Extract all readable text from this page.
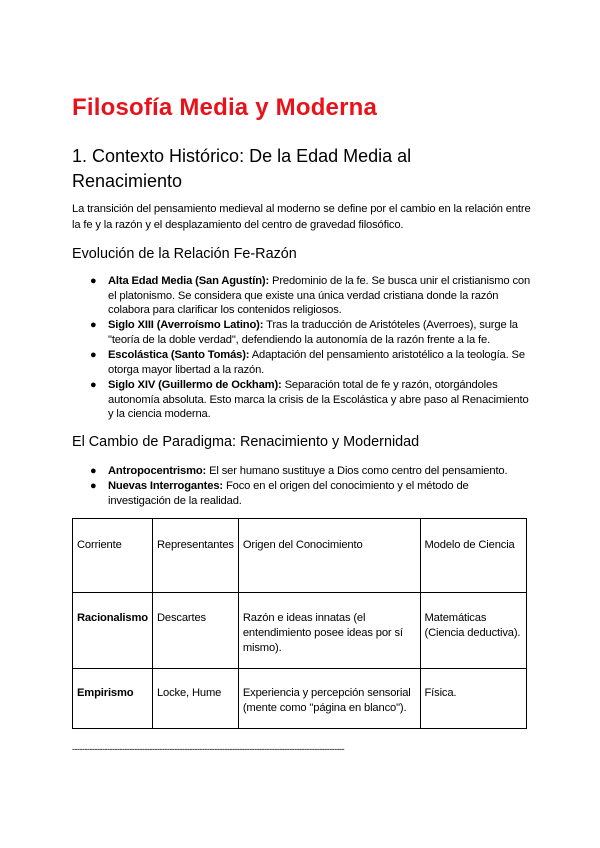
Filosofía Media y Moderna
1. Contexto Histórico: De la Edad Media al Renacimiento

La transición del pensamiento medieval al moderno se define por el cambio en la relación entre la fe y la razón y el desplazamiento del centro de gravedad filosófico.

Evolución de la Relación Fe-Razón
● Alta Edad Media (San Agustín): Predominio de la fe. Se busca unir el cristianismo con el platonismo. Se considera que existe una única verdad cristiana donde la razón colabora para clarificar los contenidos religiosos.
● Siglo XIII (Averroísmo Latino): Tras la traducción de Aristóteles (Averroes), surge la "teoría de la doble verdad", defendiendo la autonomía de la razón frente a la fe.
● Escolástica (Santo Tomás): Adaptación del pensamiento aristotélico a la teología. Se otorga mayor libertad a la razón.
● Siglo XIV (Guillermo de Ockham): Separación total de fe y razón, otorgándoles autonomía absoluta. Esto marca la crisis de la Escolástica y abre paso al Renacimiento y la ciencia moderna.
El Cambio de Paradigma: Renacimiento y Modernidad
● Antropocentrismo: El ser humano sustituye a Dios como centro del pensamiento.
● Nuevas Interrogantes: Foco en el origen del conocimiento y el método de investigación de la realidad.
Corriente	Representantes	Origen del Conocimiento	Modelo de Ciencia
Racionalismo	Descartes	Razón e ideas innatas (el entendimiento posee ideas por sí mismo).	Matemáticas (Ciencia deductiva).
Empirismo	Locke, Hume	Experiencia y percepción sensorial (mente como "página en blanco").	Física.
-------------------------------------------------------------------------------------------------------------
